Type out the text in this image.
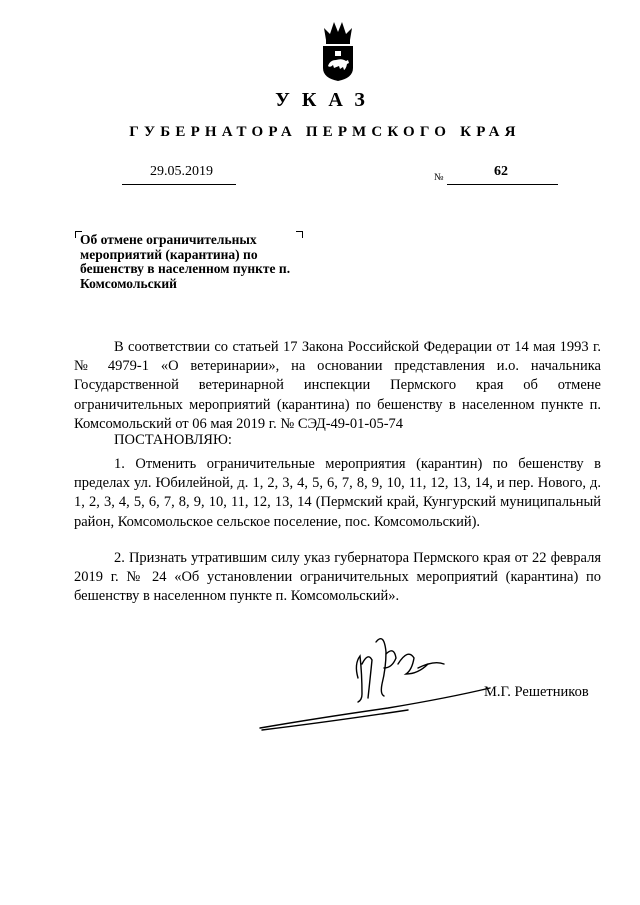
УКАЗ
ГУБЕРНАТОРА ПЕРМСКОГО КРАЯ
29.05.2019	№	62
Об отмене ограничительных мероприятий (карантина) по бешенству в населенном пункте п. Комсомольский
В соответствии со статьей 17 Закона Российской Федерации от 14 мая 1993 г. № 4979-1 «О ветеринарии», на основании представления и.о. начальника Государственной ветеринарной инспекции Пермского края об отмене ограничительных мероприятий (карантина) по бешенству в населенном пункте п. Комсомольский от 06 мая 2019 г. № СЭД-49-01-05-74
ПОСТАНОВЛЯЮ:
1. Отменить ограничительные мероприятия (карантин) по бешенству в пределах ул. Юбилейной, д. 1, 2, 3, 4, 5, 6, 7, 8, 9, 10, 11, 12, 13, 14, и пер. Нового, д. 1, 2, 3, 4, 5, 6, 7, 8, 9, 10, 11, 12, 13, 14 (Пермский край, Кунгурский муниципальный район, Комсомольское сельское поселение, пос. Комсомольский).
2. Признать утратившим силу указ губернатора Пермского края от 22 февраля 2019 г. № 24 «Об установлении ограничительных мероприятий (карантина) по бешенству в населенном пункте п. Комсомольский».
М.Г. Решетников
